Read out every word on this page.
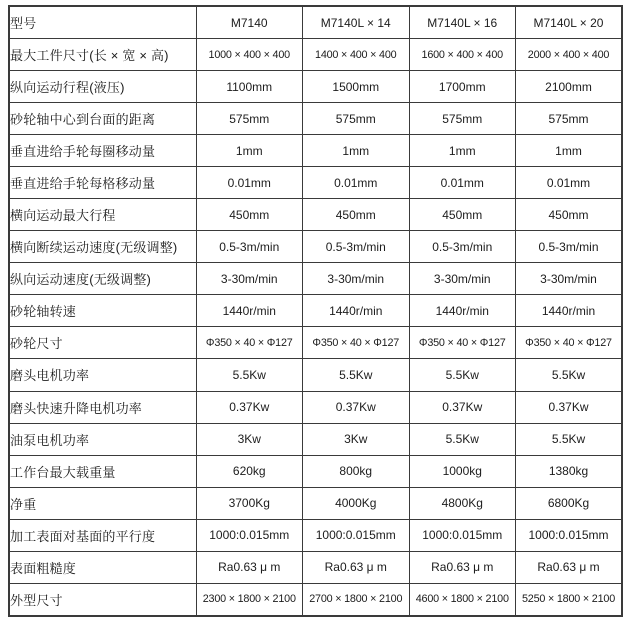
型号	M7140	M7140L × 14	M7140L × 16	M7140L × 20
最大工件尺寸(长 × 宽 × 高)	1000 × 400 × 400	1400 × 400 × 400	1600 × 400 × 400	2000 × 400 × 400
纵向运动行程(液压)	1100mm	1500mm	1700mm	2100mm
砂轮轴中心到台面的距离	575mm	575mm	575mm	575mm
垂直进给手轮每圈移动量	1mm	1mm	1mm	1mm
垂直进给手轮每格移动量	0.01mm	0.01mm	0.01mm	0.01mm
横向运动最大行程	450mm	450mm	450mm	450mm
横向断续运动速度(无级调整)	0.5-3m/min	0.5-3m/min	0.5-3m/min	0.5-3m/min
纵向运动速度(无级调整)	3-30m/min	3-30m/min	3-30m/min	3-30m/min
砂轮轴转速	1440r/min	1440r/min	1440r/min	1440r/min
砂轮尺寸	Φ350 × 40 × Φ127	Φ350 × 40 × Φ127	Φ350 × 40 × Φ127	Φ350 × 40 × Φ127
磨头电机功率	5.5Kw	5.5Kw	5.5Kw	5.5Kw
磨头快速升降电机功率	0.37Kw	0.37Kw	0.37Kw	0.37Kw
油泵电机功率	3Kw	3Kw	5.5Kw	5.5Kw
工作台最大载重量	620kg	800kg	1000kg	1380kg
净重	3700Kg	4000Kg	4800Kg	6800Kg
加工表面对基面的平行度	1000:0.015mm	1000:0.015mm	1000:0.015mm	1000:0.015mm
表面粗糙度	Ra0.63 μ m	Ra0.63 μ m	Ra0.63 μ m	Ra0.63 μ m
外型尺寸	2300 × 1800 × 2100	2700 × 1800 × 2100	4600 × 1800 × 2100	5250 × 1800 × 2100
